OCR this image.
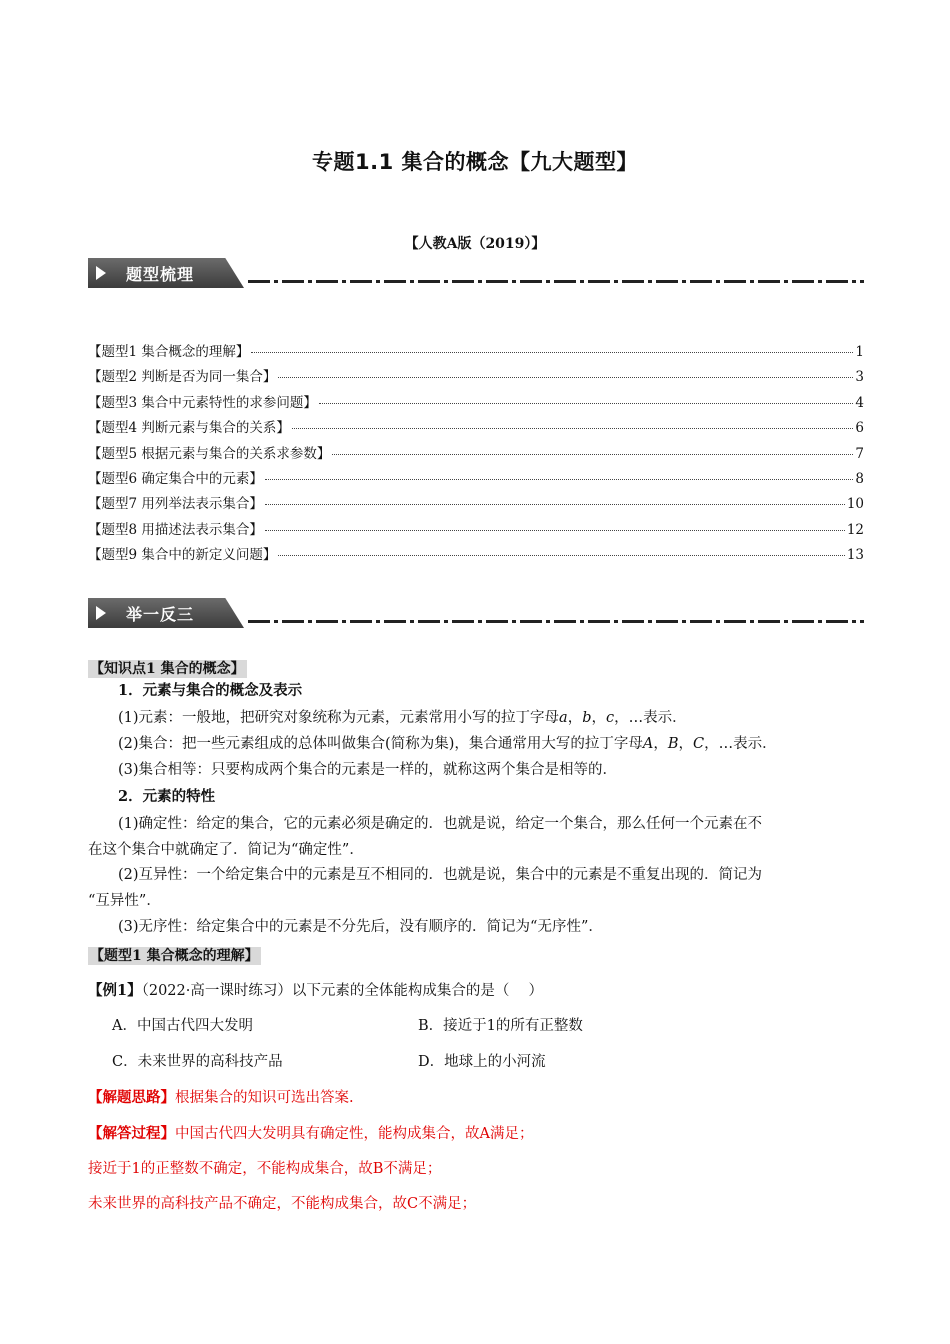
专题1.1 集合的概念【九大题型】
【人教A版（2019）】
题型梳理
【题型1 集合概念的理解】	1
【题型2 判断是否为同一集合】	3
【题型3 集合中元素特性的求参问题】	4
【题型4 判断元素与集合的关系】	6
【题型5 根据元素与集合的关系求参数】	7
【题型6 确定集合中的元素】	8
【题型7 用列举法表示集合】	10
【题型8 用描述法表示集合】	12
【题型9 集合中的新定义问题】	13
举一反三
【知识点1 集合的概念】
1．元素与集合的概念及表示
(1)元素：一般地，把研究对象统称为元素，元素常用小写的拉丁字母a，b，c，…表示．
(2)集合：把一些元素组成的总体叫做集合(简称为集)，集合通常用大写的拉丁字母A，B，C，…表示．
(3)集合相等：只要构成两个集合的元素是一样的，就称这两个集合是相等的．
2．元素的特性
(1)确定性：给定的集合，它的元素必须是确定的．也就是说，给定一个集合，那么任何一个元素在不
在这个集合中就确定了．简记为“确定性”．
(2)互异性：一个给定集合中的元素是互不相同的．也就是说，集合中的元素是不重复出现的．简记为
“互异性”．
(3)无序性：给定集合中的元素是不分先后，没有顺序的．简记为“无序性”．
【题型1 集合概念的理解】
【例1】（2022·高一课时练习）以下元素的全体能构成集合的是（　 ）
A．中国古代四大发明	B．接近于1的所有正整数
C．未来世界的高科技产品	D．地球上的小河流
【解题思路】根据集合的知识可选出答案.
【解答过程】中国古代四大发明具有确定性，能构成集合，故A满足；
接近于1的正整数不确定，不能构成集合，故B不满足；
未来世界的高科技产品不确定，不能构成集合，故C不满足；
